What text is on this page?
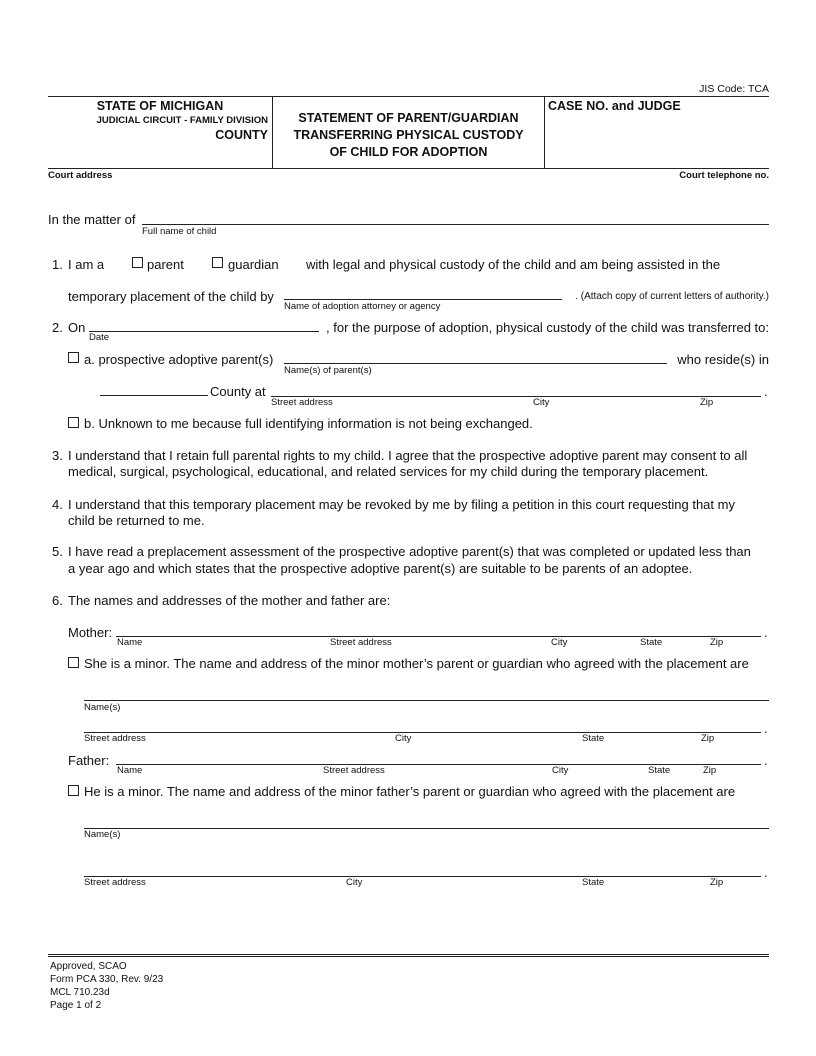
JIS Code: TCA
STATE OF MICHIGAN
JUDICIAL CIRCUIT - FAMILY DIVISION
COUNTY
STATEMENT OF PARENT/GUARDIAN
TRANSFERRING PHYSICAL CUSTODY
OF CHILD FOR ADOPTION
CASE NO. and JUDGE
Court address	Court telephone no.
In the matter of
Full name of child
1. I am a	parent	guardian with legal and physical custody of the child and am being assisted in the
temporary placement of the child by
Name of adoption attorney or agency
. (Attach copy of current letters of authority.)
2. On
Date
, for the purpose of adoption, physical custody of the child was transferred to:
a. prospective adoptive parent(s)
Name(s) of parent(s)
who reside(s) in
County at	.
Street address	City	Zip
b. Unknown to me because full identifying information is not being exchanged.
3. I understand that I retain full parental rights to my child. I agree that the prospective adoptive parent may consent to all
medical, surgical, psychological, educational, and related services for my child during the temporary placement.
4. I understand that this temporary placement may be revoked by me by filing a petition in this court requesting that my
child be returned to me.
5. I have read a preplacement assessment of the prospective adoptive parent(s) that was completed or updated less than
a year ago and which states that the prospective adoptive parent(s) are suitable to be parents of an adoptee.
6. The names and addresses of the mother and father are:
Mother:	.
Name	Street address	City	State	Zip
She is a minor. The name and address of the minor mother’s parent or guardian who agreed with the placement are
Name(s)
.
Street address	City	State	Zip
Father:	.
Name	Street address	City	State	Zip
He is a minor. The name and address of the minor father’s parent or guardian who agreed with the placement are
Name(s)
.
Street address	City	State	Zip
Approved, SCAO
Form PCA 330, Rev. 9/23
MCL 710.23d
Page 1 of 2
